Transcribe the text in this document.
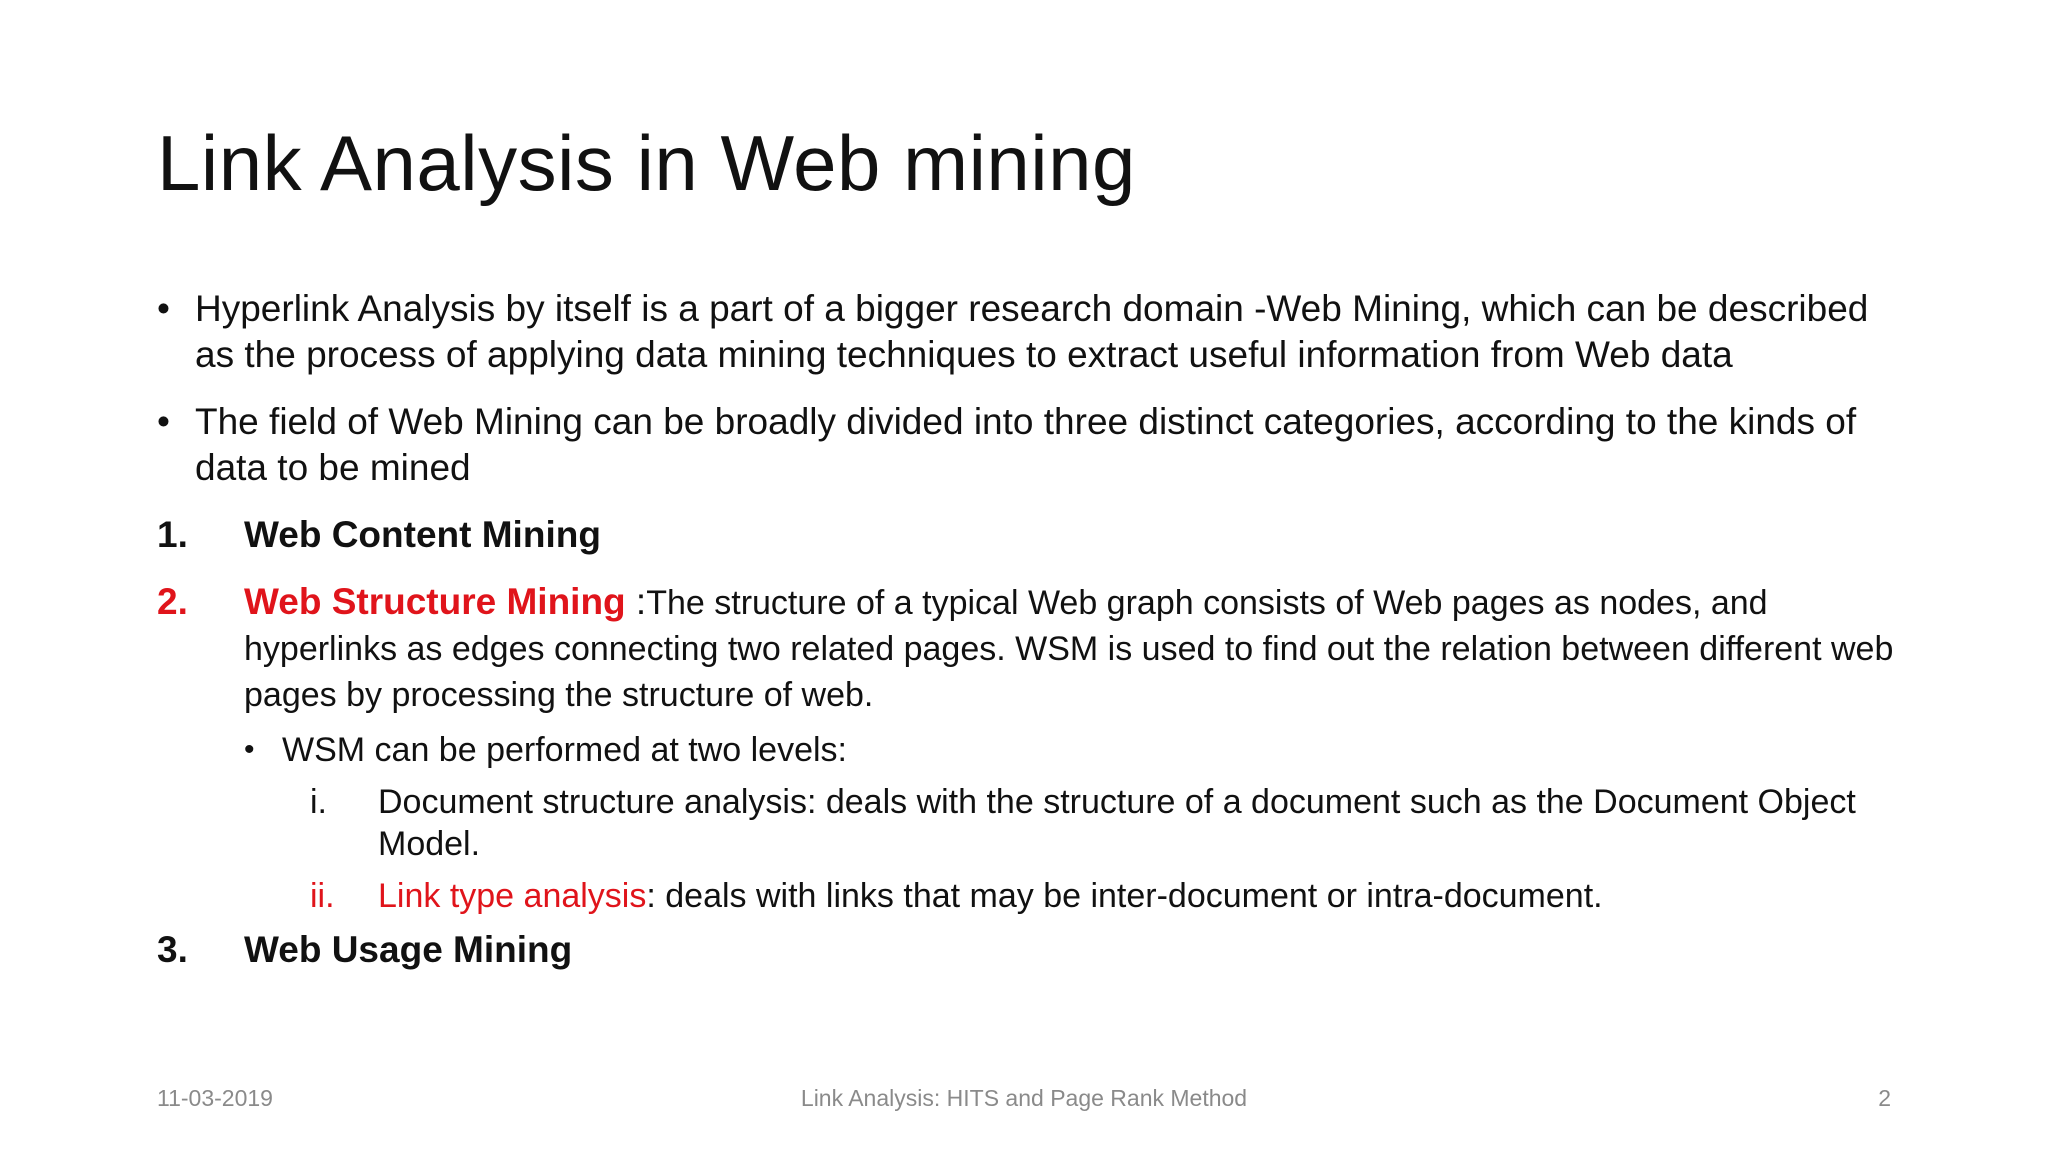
Link Analysis in Web mining
• Hyperlink Analysis by itself is a part of a bigger research domain -Web Mining, which can be described as the process of applying data mining techniques to extract useful information from Web data
• The field of Web Mining can be broadly divided into three distinct categories, according to the kinds of data to be mined
1. Web Content Mining
2. Web Structure Mining :The structure of a typical Web graph consists of Web pages as nodes, and hyperlinks as edges connecting two related pages. WSM is used to find out the relation between different web pages by processing the structure of web.
• WSM can be performed at two levels:
i. Document structure analysis: deals with the structure of a document such as the Document Object Model.
ii. Link type analysis: deals with links that may be inter-document or intra-document.
3. Web Usage Mining
11-03-2019	Link Analysis: HITS and Page Rank Method	2
